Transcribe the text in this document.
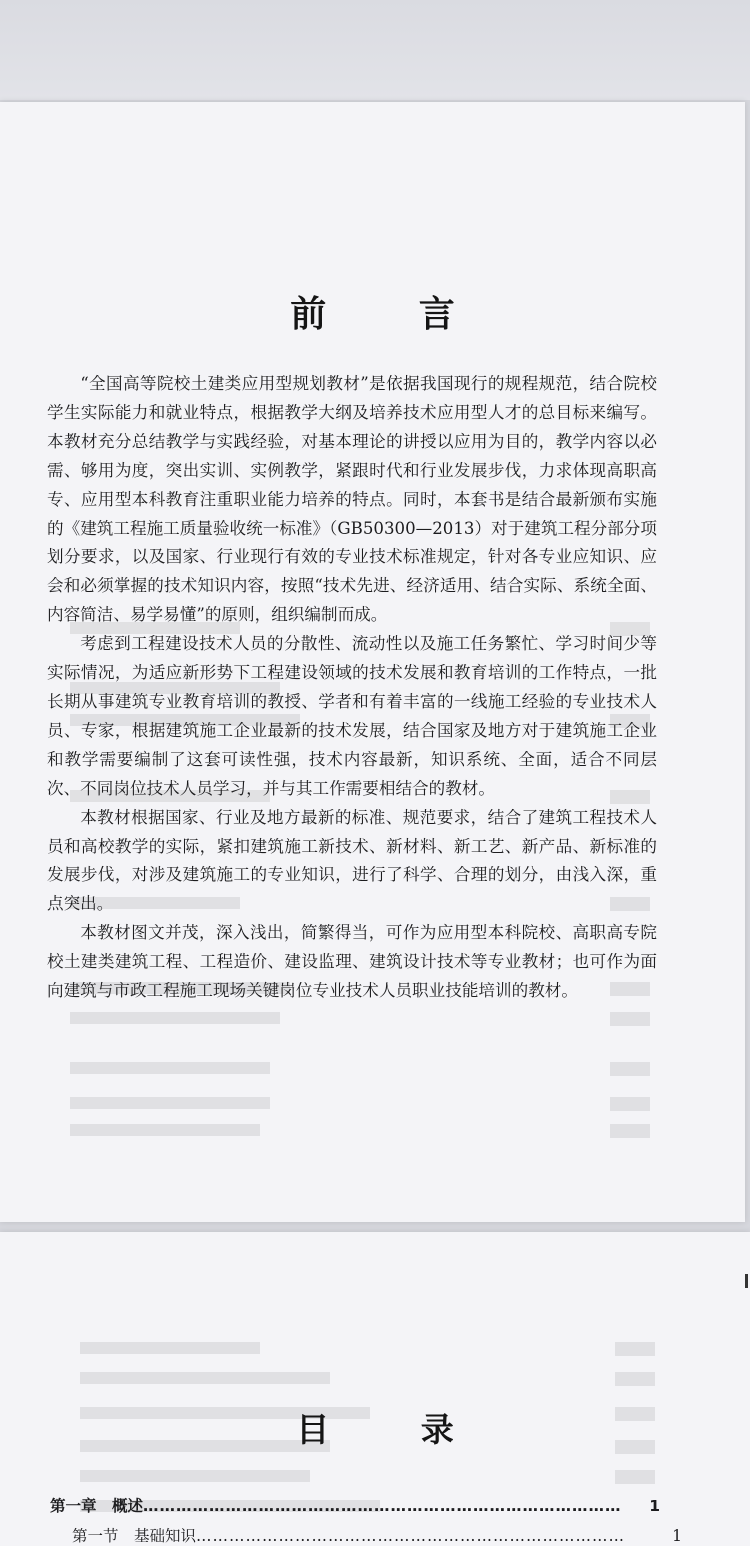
前 言

“全国高等院校土建类应用型规划教材”是依据我国现行的规程规范，结合院校学生实际能力和就业特点，根据教学大纲及培养技术应用型人才的总目标来编写。本教材充分总结教学与实践经验，对基本理论的讲授以应用为目的，教学内容以必需、够用为度，突出实训、实例教学，紧跟时代和行业发展步伐，力求体现高职高专、应用型本科教育注重职业能力培养的特点。同时，本套书是结合最新颁布实施的《建筑工程施工质量验收统一标准》（GB50300—2013）对于建筑工程分部分项划分要求，以及国家、行业现行有效的专业技术标准规定，针对各专业应知识、应会和必须掌握的技术知识内容，按照“技术先进、经济适用、结合实际、系统全面、内容简洁、易学易懂”的原则，组织编制而成。

考虑到工程建设技术人员的分散性、流动性以及施工任务繁忙、学习时间少等实际情况，为适应新形势下工程建设领域的技术发展和教育培训的工作特点，一批长期从事建筑专业教育培训的教授、学者和有着丰富的一线施工经验的专业技术人员、专家，根据建筑施工企业最新的技术发展，结合国家及地方对于建筑施工企业和教学需要编制了这套可读性强，技术内容最新，知识系统、全面，适合不同层次、不同岗位技术人员学习，并与其工作需要相结合的教材。

本教材根据国家、行业及地方最新的标准、规范要求，结合了建筑工程技术人员和高校教学的实际，紧扣建筑施工新技术、新材料、新工艺、新产品、新标准的发展步伐，对涉及建筑施工的专业知识，进行了科学、合理的划分，由浅入深，重点突出。

本教材图文并茂，深入浅出，简繁得当，可作为应用型本科院校、高职高专院校土建类建筑工程、工程造价、建设监理、建筑设计技术等专业教材；也可作为面向建筑与市政工程施工现场关键岗位专业技术人员职业技能培训的教材。

目 录
第一章　概述 ……………………………………………………………………………	1
第一节　基础知识 ……………………………………………………………………	1
